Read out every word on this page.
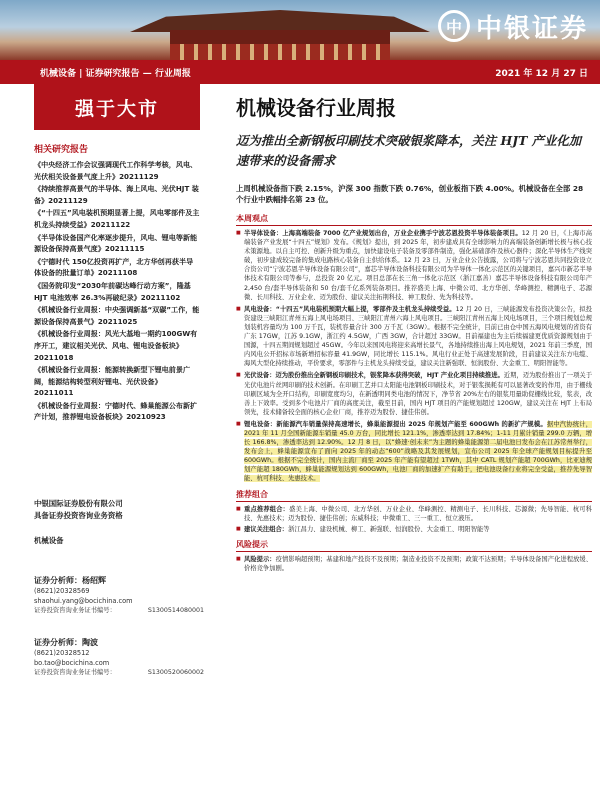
中 中银证券
机械设备 | 证券研究报告 — 行业周报	2021 年 12 月 27 日
强于大市
相关研究报告
《中央经济工作会议强调现代工作科学考核，风电、光伏相关设备景气度上升》20211129
《持续推荐高景气的半导体、海上风电、光伏HJT 装备》20211129
《“十四五”风电装机预期显著上提，风电零部件及主机龙头持续受益》20211122
《半导体设备国产化率逐步提升，风电、锂电等新能源设备保持高景气度》20211115
《宁德时代 150亿投资再扩产，北方华创再获半导体设备的批量订单》20211108
《国务院印发“2030年前碳达峰行动方案”，隆基 HJT 电池效率 26.3%再破纪录》20211102
《机械设备行业周报：中央强调新基“双碳”工作，能源设备保持高景气》20211025
《机械设备行业周报：风光大基地一期约100GW有序开工，建议相关光伏、风电、锂电设备板块》20211018
《机械设备行业周报：能源转换新型下锂电前景广阔，能源结构转型利好锂电、光伏设备》20211011
《机械设备行业周报：宁德时代、蜂巢能源公布新扩产计划，推荐锂电设备板块》20210923
中银国际证券股份有限公司
具备证券投资咨询业务资格
机械设备
证券分析师：杨绍辉
(8621)20328569
shaohui.yang@bocichina.com
证券投资咨询业务证书编号：	S1300514080001
证券分析师：陶波
(8621)20328512
bo.tao@bocichina.com
证券投资咨询业务证书编号：	S1300520060002
机械设备行业周报
迈为推出全新钢板印刷技术突破银浆降本，关注 HJT 产业化加速带来的设备需求
上周机械设备指下跌 2.15%，沪深 300 指数下跌 0.76%，创业板指下跌 4.00%。机械设备在全部 28 个行业中跌幅排名第 23 位。
本周观点

■ 半导体设备：上海高端装备 7000 亿产业规划出台，万业企业携手宁波芯恩投资半导体装备项目。12 月 20 日，《上海市高端装备产业发展“十四五”规划》发布。《规划》提出，到 2025 年，初步建成具有全球影响力的高端装备创新增长极与核心技术策源地。以自主可控、创新升级为重点，加快建设电子装备及零部件制造，强化基础部件及核心器件；深化半导体生产线突破，初步建成较完备的集成电路核心装备自主供给体系。12 月 23 日，万业企业公告披露，公司将与宁波芯恩共同投资设立合资公司“宁波芯恩半导体设备有限公司”，嘉芯半导体设备科技有限公司为半导体一体化示范区的关键项目，嘉兴市新芯半导体技术有限公司等参与，总投资 20 亿元。项目总部在长三角一体化示范区（浙江嘉善）嘉芯半导体设备科技有限公司年产2,450 台/套半导体装备和 50 台/套千亿系列装备项目。推荐盛美上海、中微公司、北方华创、华峰测控、精测电子、芯源微、长川科技、万业企业、迈为股份、建议关注拓荆科技、神工股份、先为科技等。

■ 风电设备：“十四五”风电装机预期大幅上提，零部件及主机龙头持续受益。12 月 20 日，三峡能源发布投资决策公告，拟投资建设三峡阳江青州五海上风电场项目、三峡阳江青州六海上风电项目。三峡阳江青州五海上风电场项目，三个项目规划总规划装机容量均为 100 万千瓦，装机容量合计 300 万千瓦（3GW）。根据不完全统计，目前已由仓中国五海风电规划的省资有广东 17GW，江苏 9.1GW，浙江约 4.5GW，广西 3GW，合计超过 33GW。目前福建也为主后续福建更优质资源规划由于国源，十四五期间规划超过 45GW。今年以来国风电将迎来高增长景气，各地持续推出海上风电规划，2021 年前三季度，国内风电公开招标市场新增招标容量 41.9GW，同比增长 115.1%。风电行业正处于高速发展阶段，目前建议关注东方电缆、海风大型化持续推动，平价要求，零部件与主机龙头持续受益，建议关注新强联、恒润股份、大金重工、明阳智能等。

■ 光伏设备：迈为股份推出全新钢板印刷技术，银浆降本获得突破，HJT 产业化项目持续推进。近期，迈为股份推出了一项关于光伏电池片丝网印刷的技术创新。在印刷工艺并口太阳能电池钢板印刷技术，对于银浆损耗有可以显著改变的作用，由于栅线印刷区域为全开口结构，印刷宽度均匀，在新透明同类电池的情况下，净节省 20%左右的银浆用量助促栅线比较，浆表，改善上下效率。受到多个电池片厂商的高度关注，截至目前，国内 HJT 项目的产能规划超过 120GW，建议关注在 HJT 上布局领先，技术储备较全面的核心企业厂商，推荐迈为股份、捷佳伟创。

■ 锂电设备：新能源汽车销量保持高速增长，蜂巢能源提出 2025 年规划产能至 600GWh 的新扩产规模。据中汽协统计，2021 年 11 月全国新能源车销量 45.0 万台，同比增长 121.1%，渗透率达到 17.84%；1-11 月累计销量 299.0 万辆，增长 166.8%，渗透率达到 12.90%。12 月 8 日，以“蜂速·创未来”为主题的蜂巢能源第二届电池日发布会在江苏常州举行，发布会上，蜂巢能源宣布了面向 2025 年的动态“600”战略及其发展规划，宣布公司 2025 年全球产能规划目标提升至 600GWh。根据不完全统计，国内主流厂商至 2025 年产能有望超过 1TWh，其中 CATL 规划产能超 700GWh，比亚迪规划产能超 180GWh，蜂巢能源规划达到 600GWh，电池厂商的加速扩产有助于，把电池设备行业将完全受益，推荐先导智能、杭可科技、先惠技术。

推荐组合

■ 重点推荐组合：盛美上海、中微公司、北方华创、万业企业、华峰测控、精测电子、长川科技、芯源微；先导智能、杭可科技、先惠技术；迈为股份、捷佳伟创；东威科技；中微重工、三一重工、恒立液压。

■ 建议关注组合：浙江昌力、建设机械、柳工、新强联、恒润股份、大金重工、明阳智能等

风险提示

■ 风险提示：疫情影响超预期；基建和地产投资不及预期；制造业投资不及预期；政策不达预期；半导体设备国产化进程放缓、价格竞争加剧。
